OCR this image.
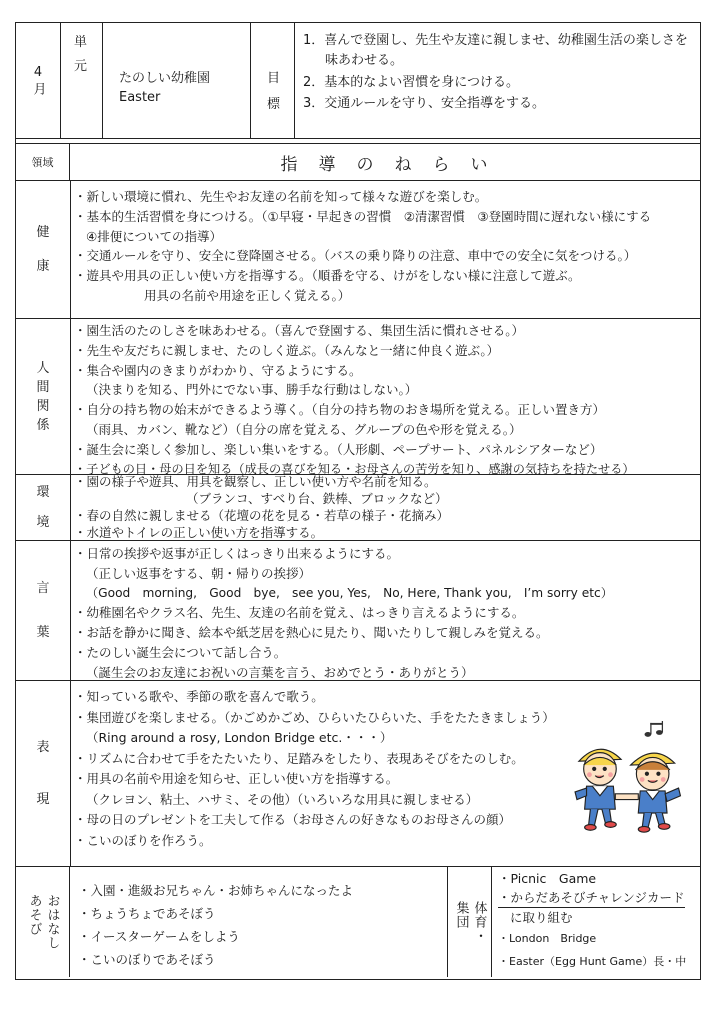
4月
単
元
たのしい幼稚園
Easter
目
標
1．喜んで登園し、先生や友達に親しませ、幼稚園生活の楽しさを
味あわせる。
2．基本的なよい習慣を身につける。
3．交通ルールを守り、安全指導をする。
領域	指　導　の　ね　ら　い
健
康
・新しい環境に慣れ、先生やお友達の名前を知って様々な遊びを楽しむ。
・基本的生活習慣を身につける。（①早寝・早起きの習慣　②清潔習慣　③登園時間に遅れない様にする
④排便についての指導）
・交通ルールを守り、安全に登降園させる。（バスの乗り降りの注意、車中での安全に気をつける。）
・遊具や用具の正しい使い方を指導する。（順番を守る、けがをしない様に注意して遊ぶ。
用具の名前や用途を正しく覚える。）
人
間
関
係
・園生活のたのしさを味あわせる。（喜んで登園する、集団生活に慣れさせる。）
・先生や友だちに親しませ、たのしく遊ぶ。（みんなと一緒に仲良く遊ぶ。）
・集合や園内のきまりがわかり、守るようにする。
（決まりを知る、門外にでない事、勝手な行動はしない。）
・自分の持ち物の始末ができるよう導く。（自分の持ち物のおき場所を覚える。正しい置き方）
（雨具、カバン、靴など）（自分の席を覚える、グループの色や形を覚える。）
・誕生会に楽しく参加し、楽しい集いをする。（人形劇、ペープサート、パネルシアターなど）
・子どもの日・母の日を知る（成長の喜びを知る・お母さんの苦労を知り、感謝の気持ちを持たせる）
環
境
・園の様子や遊具、用具を観察し、正しい使い方や名前を知る。
（ブランコ、すべり台、鉄棒、ブロックなど）
・春の自然に親しませる（花壇の花を見る・若草の様子・花摘み）
・水道やトイレの正しい使い方を指導する。
言
葉
・日常の挨拶や返事が正しくはっきり出来るようにする。
（正しい返事をする、朝・帰りの挨拶）
（Good　morning,　Good　bye,　see you, Yes,　No, Here, Thank you,　I’m sorry etc）
・幼稚園名やクラス名、先生、友達の名前を覚え、はっきり言えるようにする。
・お話を静かに聞き、絵本や紙芝居を熱心に見たり、聞いたりして親しみを覚える。
・たのしい誕生会について話し合う。
（誕生会のお友達にお祝いの言葉を言う、おめでとう・ありがとう）
表
現
・知っている歌や、季節の歌を喜んで歌う。
・集団遊びを楽しませる。（かごめかごめ、ひらいたひらいた、手をたたきましょう）
（Ring around a rosy, London Bridge etc.・・・）
・リズムに合わせて手をたたいたり、足踏みをしたり、表現あそびをたのしむ。
・用具の名前や用途を知らせ、正しい使い方を指導する。
（クレヨン、粘土、ハサミ、その他）（いろいろな用具に親しませる）
・母の日のプレゼントを工夫して作る（お母さんの好きなものお母さんの顔）
・こいのぼりを作ろう。
おはなし
あそび
・入園・進級お兄ちゃん・お姉ちゃんになったよ
・ちょうちょであそぼう
・イースターゲームをしよう
・こいのぼりであそぼう
体育・
集団
・Picnic　Game
・からだあそびチャレンジカード
に取り組む
・London　Bridge
・Easter（Egg Hunt Game）長・中
